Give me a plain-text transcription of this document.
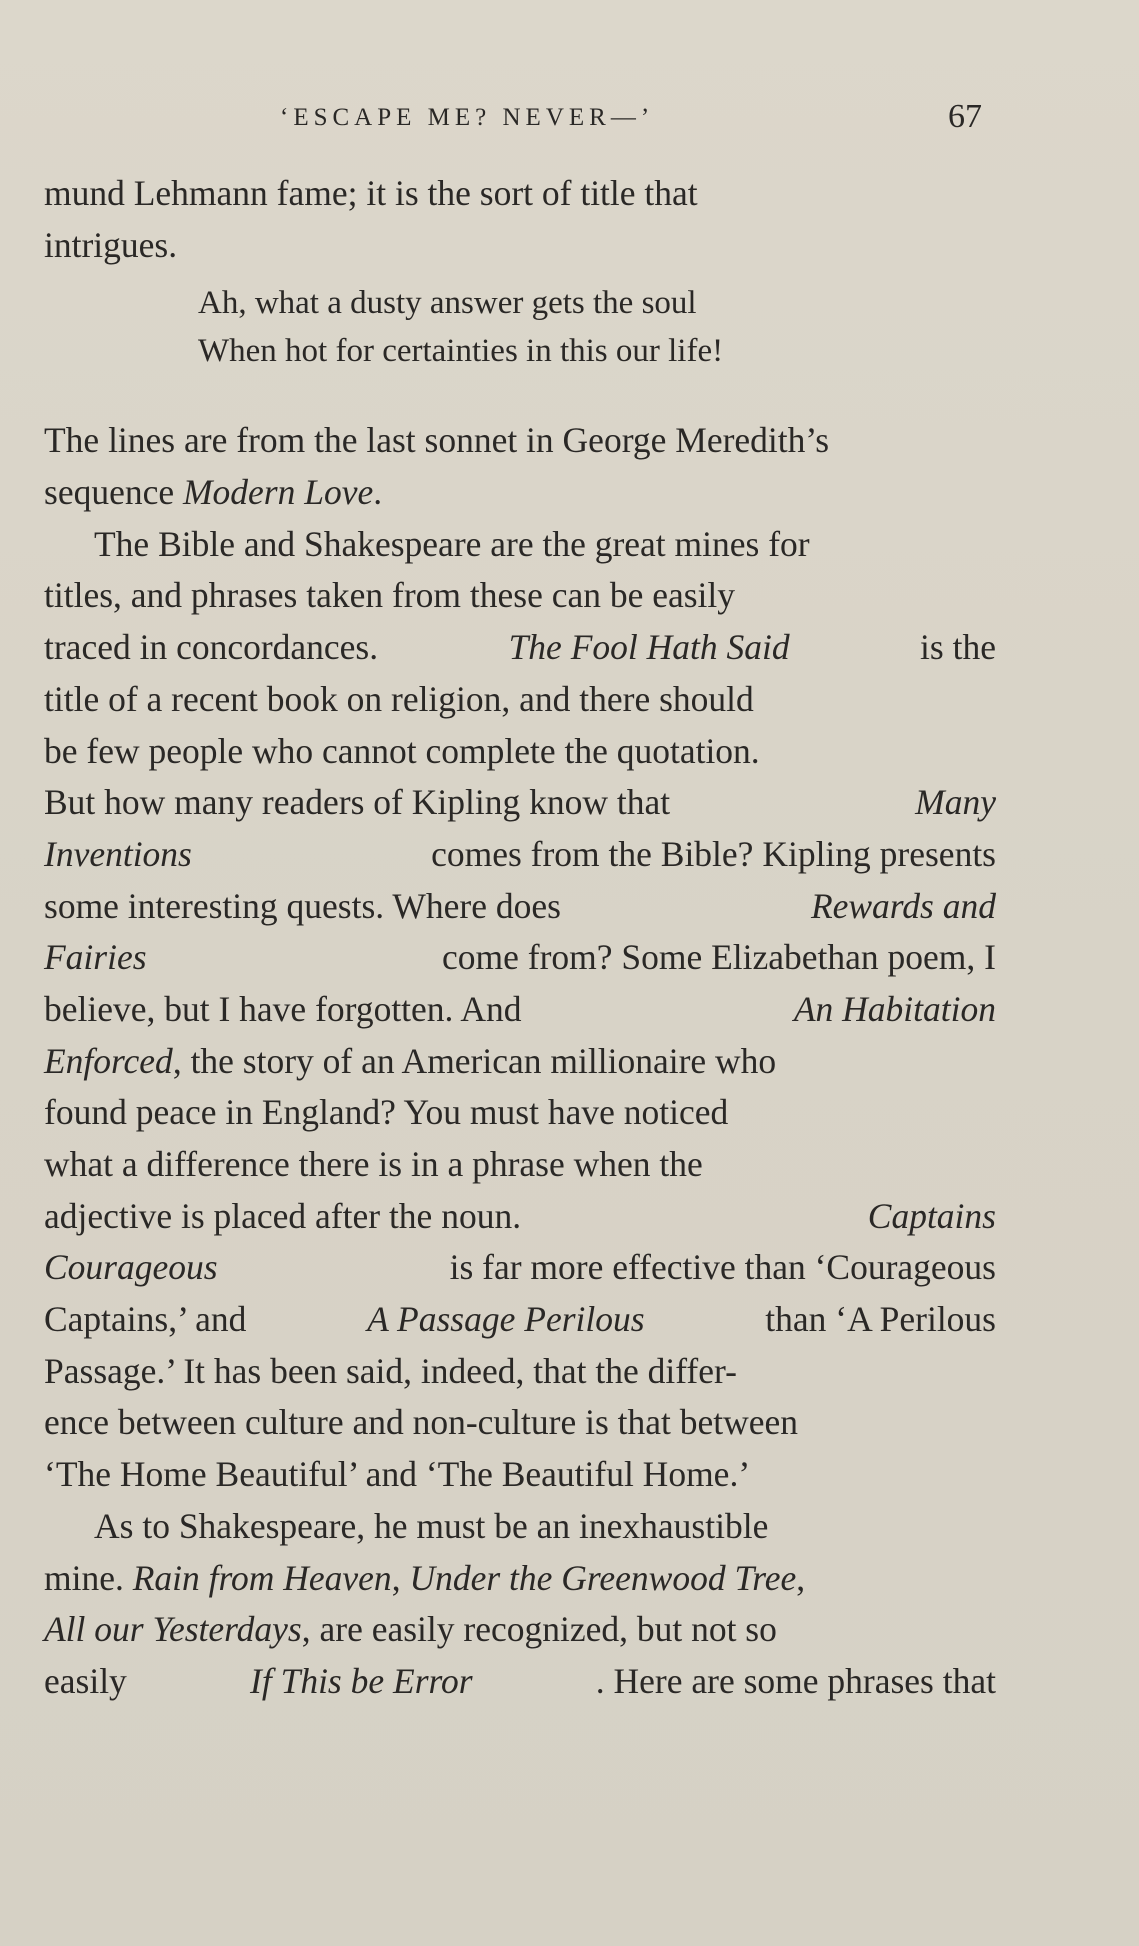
‘ESCAPE ME? NEVER—’	67
mund Lehmann fame; it is the sort of title that
intrigues.
Ah, what a dusty answer gets the soul
When hot for certainties in this our life!
The lines are from the last sonnet in George Meredith’s
sequence Modern Love.
The Bible and Shakespeare are the great mines for
titles, and phrases taken from these can be easily
traced in concordances.	The Fool Hath Said	is the
title of a recent book on religion, and there should
be few people who cannot complete the quotation.
But how many readers of Kipling know that	Many
Inventions	comes from the Bible? Kipling presents
some interesting quests. Where does	Rewards and
Fairies	come from? Some Elizabethan poem, I
believe, but I have forgotten. And	An Habitation
Enforced, the story of an American millionaire who
found peace in England? You must have noticed
what a difference there is in a phrase when the
adjective is placed after the noun.	Captains
Courageous	is far more effective than ‘Courageous
Captains,’ and	A Passage Perilous	than ‘A Perilous
Passage.’ It has been said, indeed, that the differ-
ence between culture and non-culture is that between
‘The Home Beautiful’ and ‘The Beautiful Home.’
As to Shakespeare, he must be an inexhaustible
mine. Rain from Heaven, Under the Greenwood Tree,
All our Yesterdays, are easily recognized, but not so
easily	If This be Error	. Here are some phrases that
